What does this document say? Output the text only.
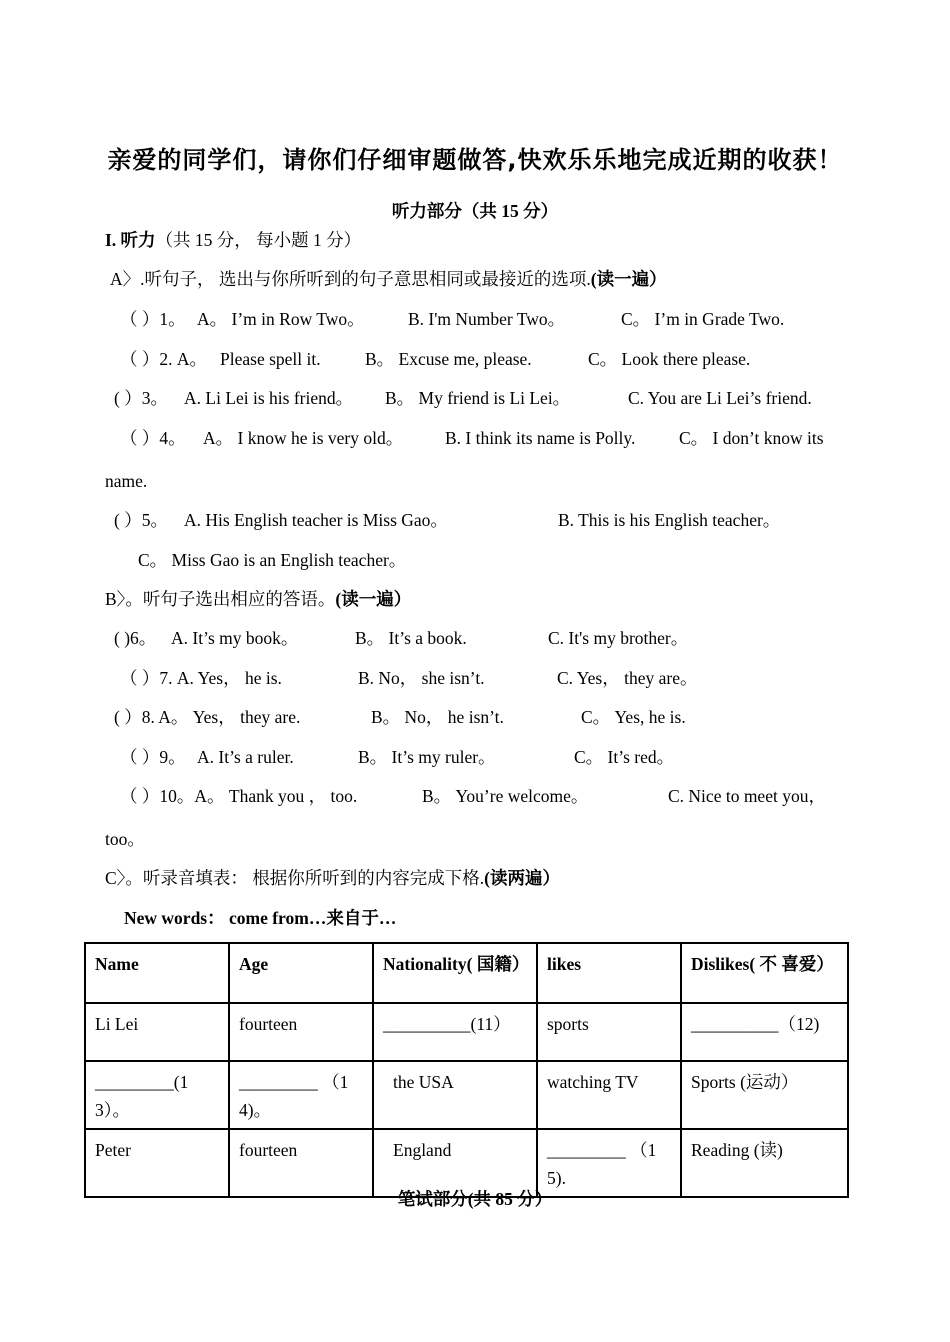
亲爱的同学们，请你们仔细审题做答,快欢乐乐地完成近期的收获！
听力部分（共 15 分）
I. 听力（共 15 分， 每小题 1 分）
A〉.听句子， 选出与你所听到的句子意思相同或最接近的选项.(读一遍）
（ ）1。 A。 I’m in Row Two。 B. I'm Number Two。	C。 I’m in Grade Two.
（ ）2. A。 Please spell it.	B。 Excuse me, please.	C。 Look there please.
( ）3。 A. Li Lei is his friend。 B。 My friend is Li Lei。	C. You are Li Lei’s friend.
（ ）4。 A。 I know he is very old。 B. I think its name is Polly. C。 I don’t know its
name.
( ）5。 A. His English teacher is Miss Gao。	B. This is his English teacher。
C。 Miss Gao is an English teacher。
B〉。听句子选出相应的答语。(读一遍）
( )6。 A. It’s my book。	B。 It’s a book.	C. It's my brother。
（ ）7. A. Yes， he is.	B. No， she isn’t.	C. Yes， they are。
( ）8. A。 Yes， they are.	B。 No， he isn’t.	C。 Yes, he is.
（ ）9。 A. It’s a ruler.	B。 It’s my ruler。	C。 It’s red。
（ ）10。A。 Thank you ， too.	B。 You’re welcome。	C. Nice to meet you，
too。
C〉。听录音填表： 根据你所听到的内容完成下格.(读两遍）
New words： come from…来自于…
Name	Age	Nationality( 国籍）	likes	Dislikes( 不 喜爱）
Li Lei	fourteen	__________(11）	sports	__________（12)
_________(13）。	_________ （14)。	the USA	watching TV	Sports (运动）
Peter	fourteen	England	_________ （15).	Reading (读)
笔试部分(共 85 分）
